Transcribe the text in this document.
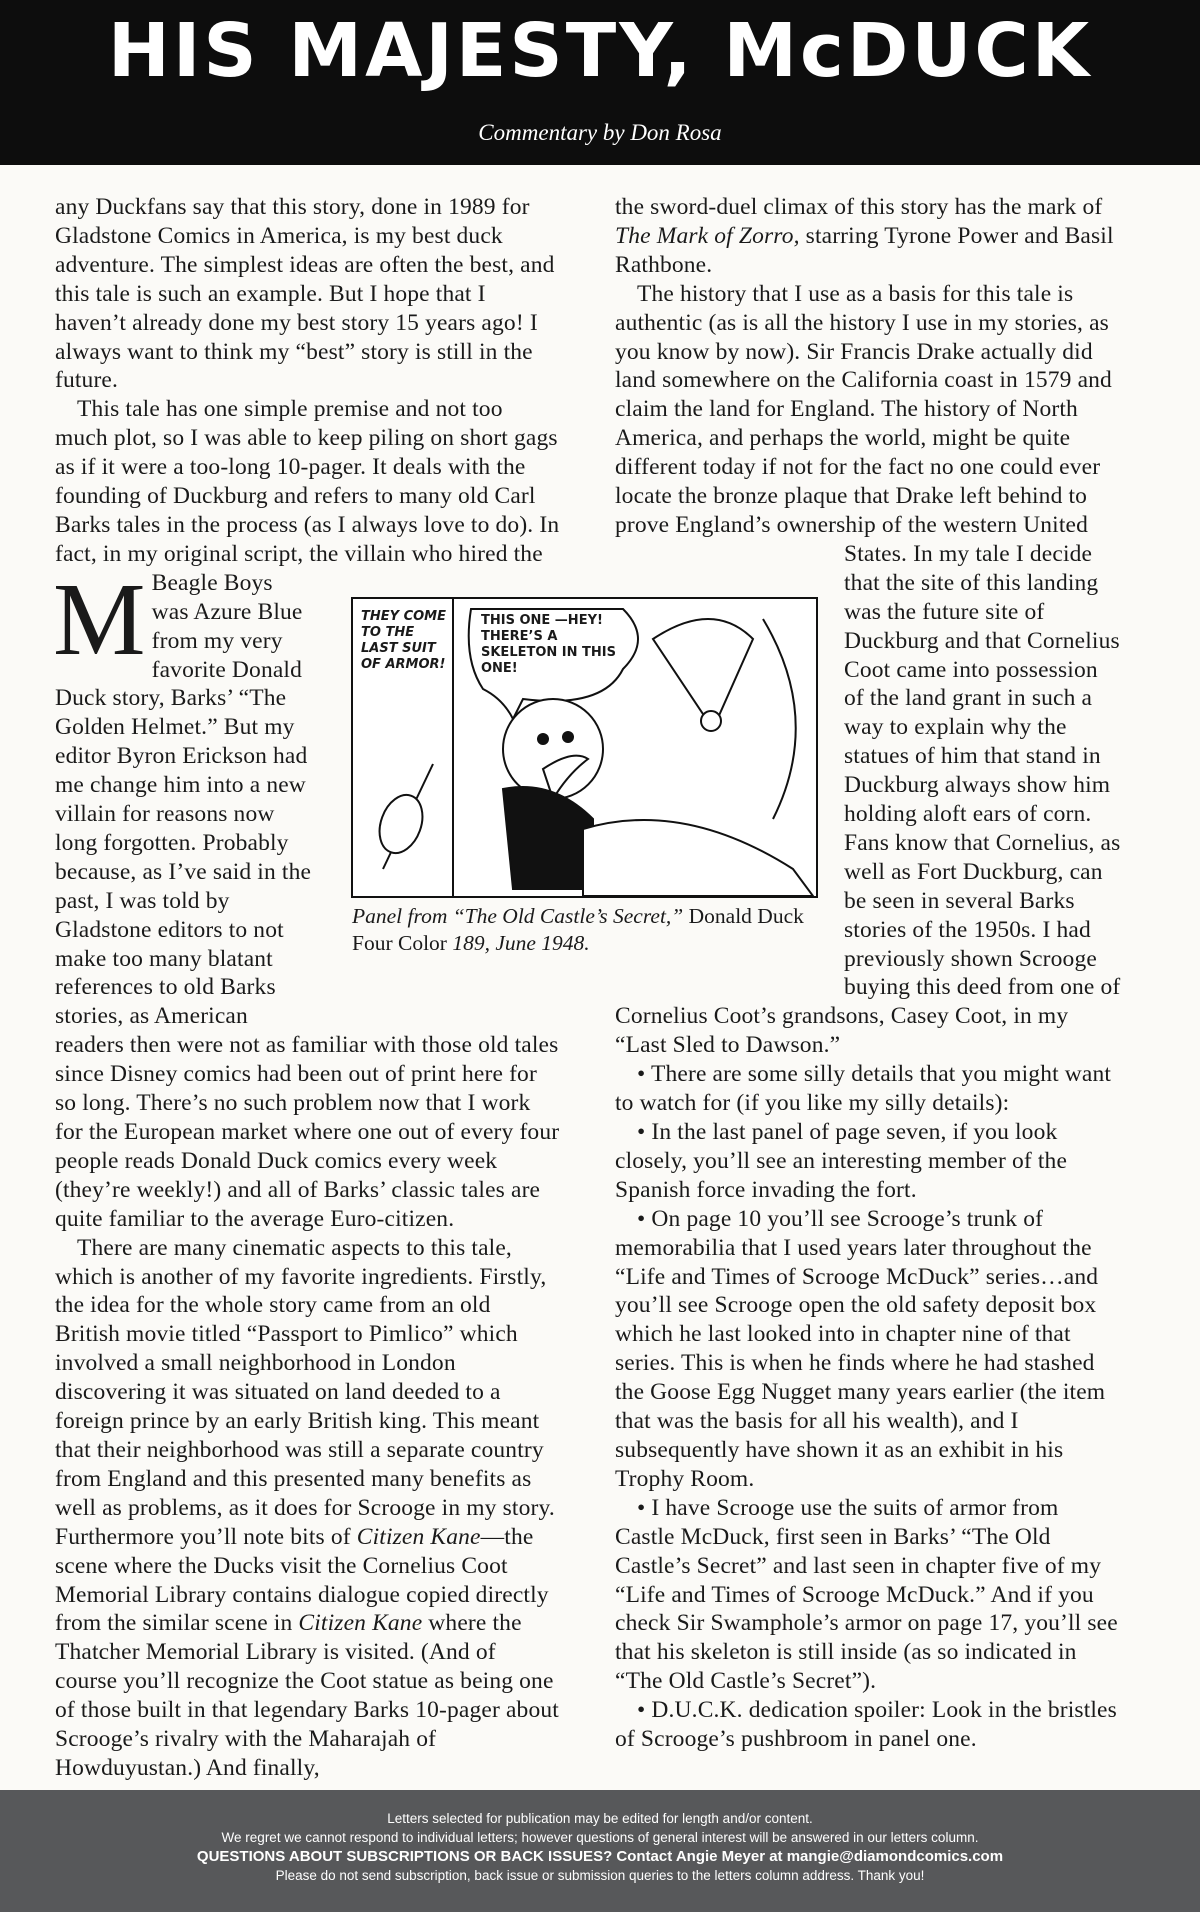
HIS MAJESTY, McDUCK
Commentary by Don Rosa

M
any Duckfans say that this story, done in 1989 for Gladstone Comics in America, is my best duck adventure. The simplest ideas are often the best, and this tale is such an example. But I hope that I haven’t already done my best story 15 years ago! I always want to think my “best” story is still in the future.

This tale has one simple premise and not too much plot, so I was able to keep piling on short gags as if it were a too-long 10-pager. It deals with the founding of Duckburg and refers to many old Carl Barks tales in the process (as I always love to do). In fact, in my original script, the villain who hired the Beagle Boys was Azure Blue from my very favorite Donald Duck story, Barks’ “The Golden Helmet.” But my editor Byron Erickson had me change him into a new villain for reasons now long forgotten. Probably because, as I’ve said in the past, I was told by Gladstone editors to not make too many blatant references to old Barks stories, as American readers then were not as familiar with those old tales since Disney comics had been out of print here for so long. There’s no such problem now that I work for the European market where one out of every four people reads Donald Duck comics every week (they’re weekly!) and all of Barks’ classic tales are quite familiar to the average Euro-citizen.

There are many cinematic aspects to this tale, which is another of my favorite ingredients. Firstly, the idea for the whole story came from an old British movie titled “Passport to Pimlico” which involved a small neighborhood in London discovering it was situated on land deeded to a foreign prince by an early British king. This meant that their neighborhood was still a separate country from England and this presented many benefits as well as problems, as it does for Scrooge in my story. Furthermore you’ll note bits of Citizen Kane—the scene where the Ducks visit the Cornelius Coot Memorial Library contains dialogue copied directly from the similar scene in Citizen Kane where the Thatcher Memorial Library is visited. (And of course you’ll recognize the Coot statue as being one of those built in that legendary Barks 10-pager about Scrooge’s rivalry with the Maharajah of Howduyustan.) And finally,

the sword-duel climax of this story has the mark of The Mark of Zorro, starring Tyrone Power and Basil Rathbone.

The history that I use as a basis for this tale is authentic (as is all the history I use in my stories, as you know by now). Sir Francis Drake actually did land somewhere on the California coast in 1579 and claim the land for England. The history of North America, and perhaps the world, might be quite different today if not for the fact no one could ever locate the bronze plaque that Drake left behind to prove England’s ownership of the western United States. In my tale I decide that the site of this landing was the future site of Duckburg and that Cornelius Coot came into possession of the land grant in such a way to explain why the statues of him that stand in Duckburg always show him holding aloft ears of corn. Fans know that Cornelius, as well as Fort Duckburg, can be seen in several Barks stories of the 1950s. I had previously shown Scrooge buying this deed from one of Cornelius Coot’s grandsons, Casey Coot, in my “Last Sled to Dawson.”

• There are some silly details that you might want to watch for (if you like my silly details):

• In the last panel of page seven, if you look closely, you’ll see an interesting member of the Spanish force invading the fort.

• On page 10 you’ll see Scrooge’s trunk of memorabilia that I used years later throughout the “Life and Times of Scrooge McDuck” series…and you’ll see Scrooge open the old safety deposit box which he last looked into in chapter nine of that series. This is when he finds where he had stashed the Goose Egg Nugget many years earlier (the item that was the basis for all his wealth), and I subsequently have shown it as an exhibit in his Trophy Room.

• I have Scrooge use the suits of armor from Castle McDuck, first seen in Barks’ “The Old Castle’s Secret” and last seen in chapter five of my “Life and Times of Scrooge McDuck.” And if you check Sir Swamphole’s armor on page 17, you’ll see that his skeleton is still inside (as so indicated in “The Old Castle’s Secret”).

• D.U.C.K. dedication spoiler: Look in the bristles of Scrooge’s pushbroom in panel one.

THEY COME TO THE LAST SUIT OF ARMOR!
THIS ONE —HEY! THERE’S A SKELETON IN THIS ONE!
Panel from “The Old Castle’s Secret,” Donald Duck Four Color 189, June 1948.
Letters selected for publication may be edited for length and/or content.
We regret we cannot respond to individual letters; however questions of general interest will be answered in our letters column.
QUESTIONS ABOUT SUBSCRIPTIONS OR BACK ISSUES? Contact Angie Meyer at mangie@diamondcomics.com
Please do not send subscription, back issue or submission queries to the letters column address. Thank you!
